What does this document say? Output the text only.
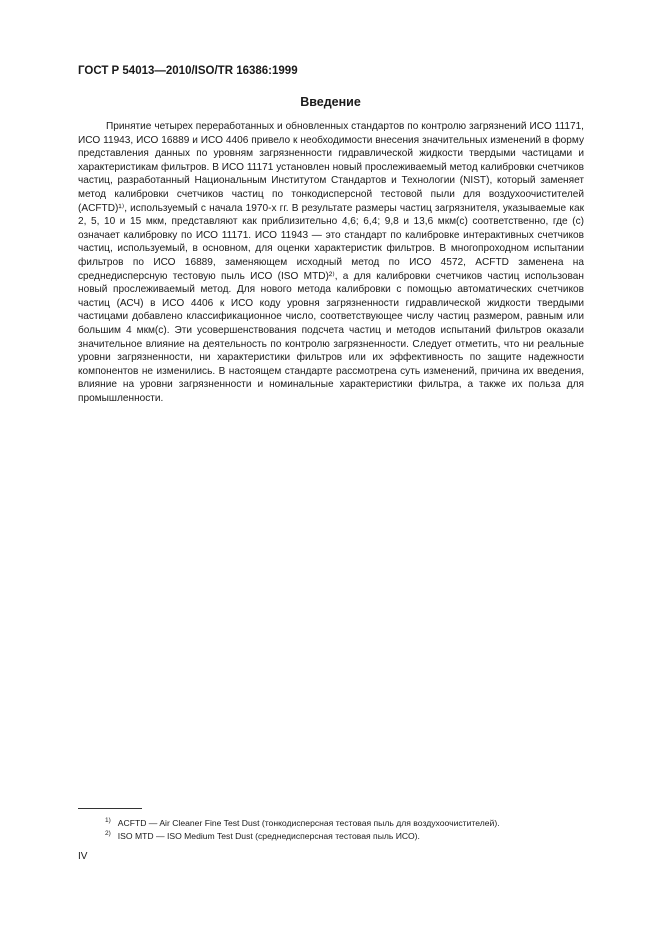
ГОСТ Р 54013—2010/ISO/TR 16386:1999
Введение

Принятие четырех переработанных и обновленных стандартов по контролю загрязнений ИСО 11171, ИСО 11943, ИСО 16889 и ИСО 4406 привело к необходимости внесения значительных изменений в форму представления данных по уровням загрязненности гидравлической жидкости твердыми частицами и характеристикам фильтров. В ИСО 11171 установлен новый прослеживаемый метод калибровки счетчиков частиц, разработанный Национальным Институтом Стандартов и Технологии (NIST), который заменяет метод калибровки счетчиков частиц по тонкодисперсной тестовой пыли для воздухоочистителей (ACFTD)¹⁾, используемый с начала 1970-х гг. В результате размеры частиц загрязнителя, указываемые как 2, 5, 10 и 15 мкм, представляют как приблизительно 4,6; 6,4; 9,8 и 13,6 мкм(с) соответственно, где (с) означает калибровку по ИСО 11171. ИСО 11943 — это стандарт по калибровке интерактивных счетчиков частиц, используемый, в основном, для оценки характеристик фильтров. В многопроходном испытании фильтров по ИСО 16889, заменяющем исходный метод по ИСО 4572, ACFTD заменена на среднедисперсную тестовую пыль ИСО (ISO MTD)²⁾, а для калибровки счетчиков частиц использован новый прослеживаемый метод. Для нового метода калибровки с помощью автоматических счетчиков частиц (АСЧ) в ИСО 4406 к ИСО коду уровня загрязненности гидравлической жидкости твердыми частицами добавлено классификационное число, соответствующее числу частиц размером, равным или большим 4 мкм(с). Эти усовершенствования подсчета частиц и методов испытаний фильтров оказали значительное влияние на деятельность по контролю загрязненности. Следует отметить, что ни реальные уровни загрязненности, ни характеристики фильтров или их эффективность по защите надежности компонентов не изменились. В настоящем стандарте рассмотрена суть изменений, причина их введения, влияние на уровни загрязненности и номинальные характеристики фильтра, а также их польза для промышленности.

$^{1)}$ ACFTD — Air Cleaner Fine Test Dust (тонкодисперсная тестовая пыль для воздухоочистителей).
$^{2)}$ ISO MTD — ISO Medium Test Dust (среднедисперсная тестовая пыль ИСО).
IV
